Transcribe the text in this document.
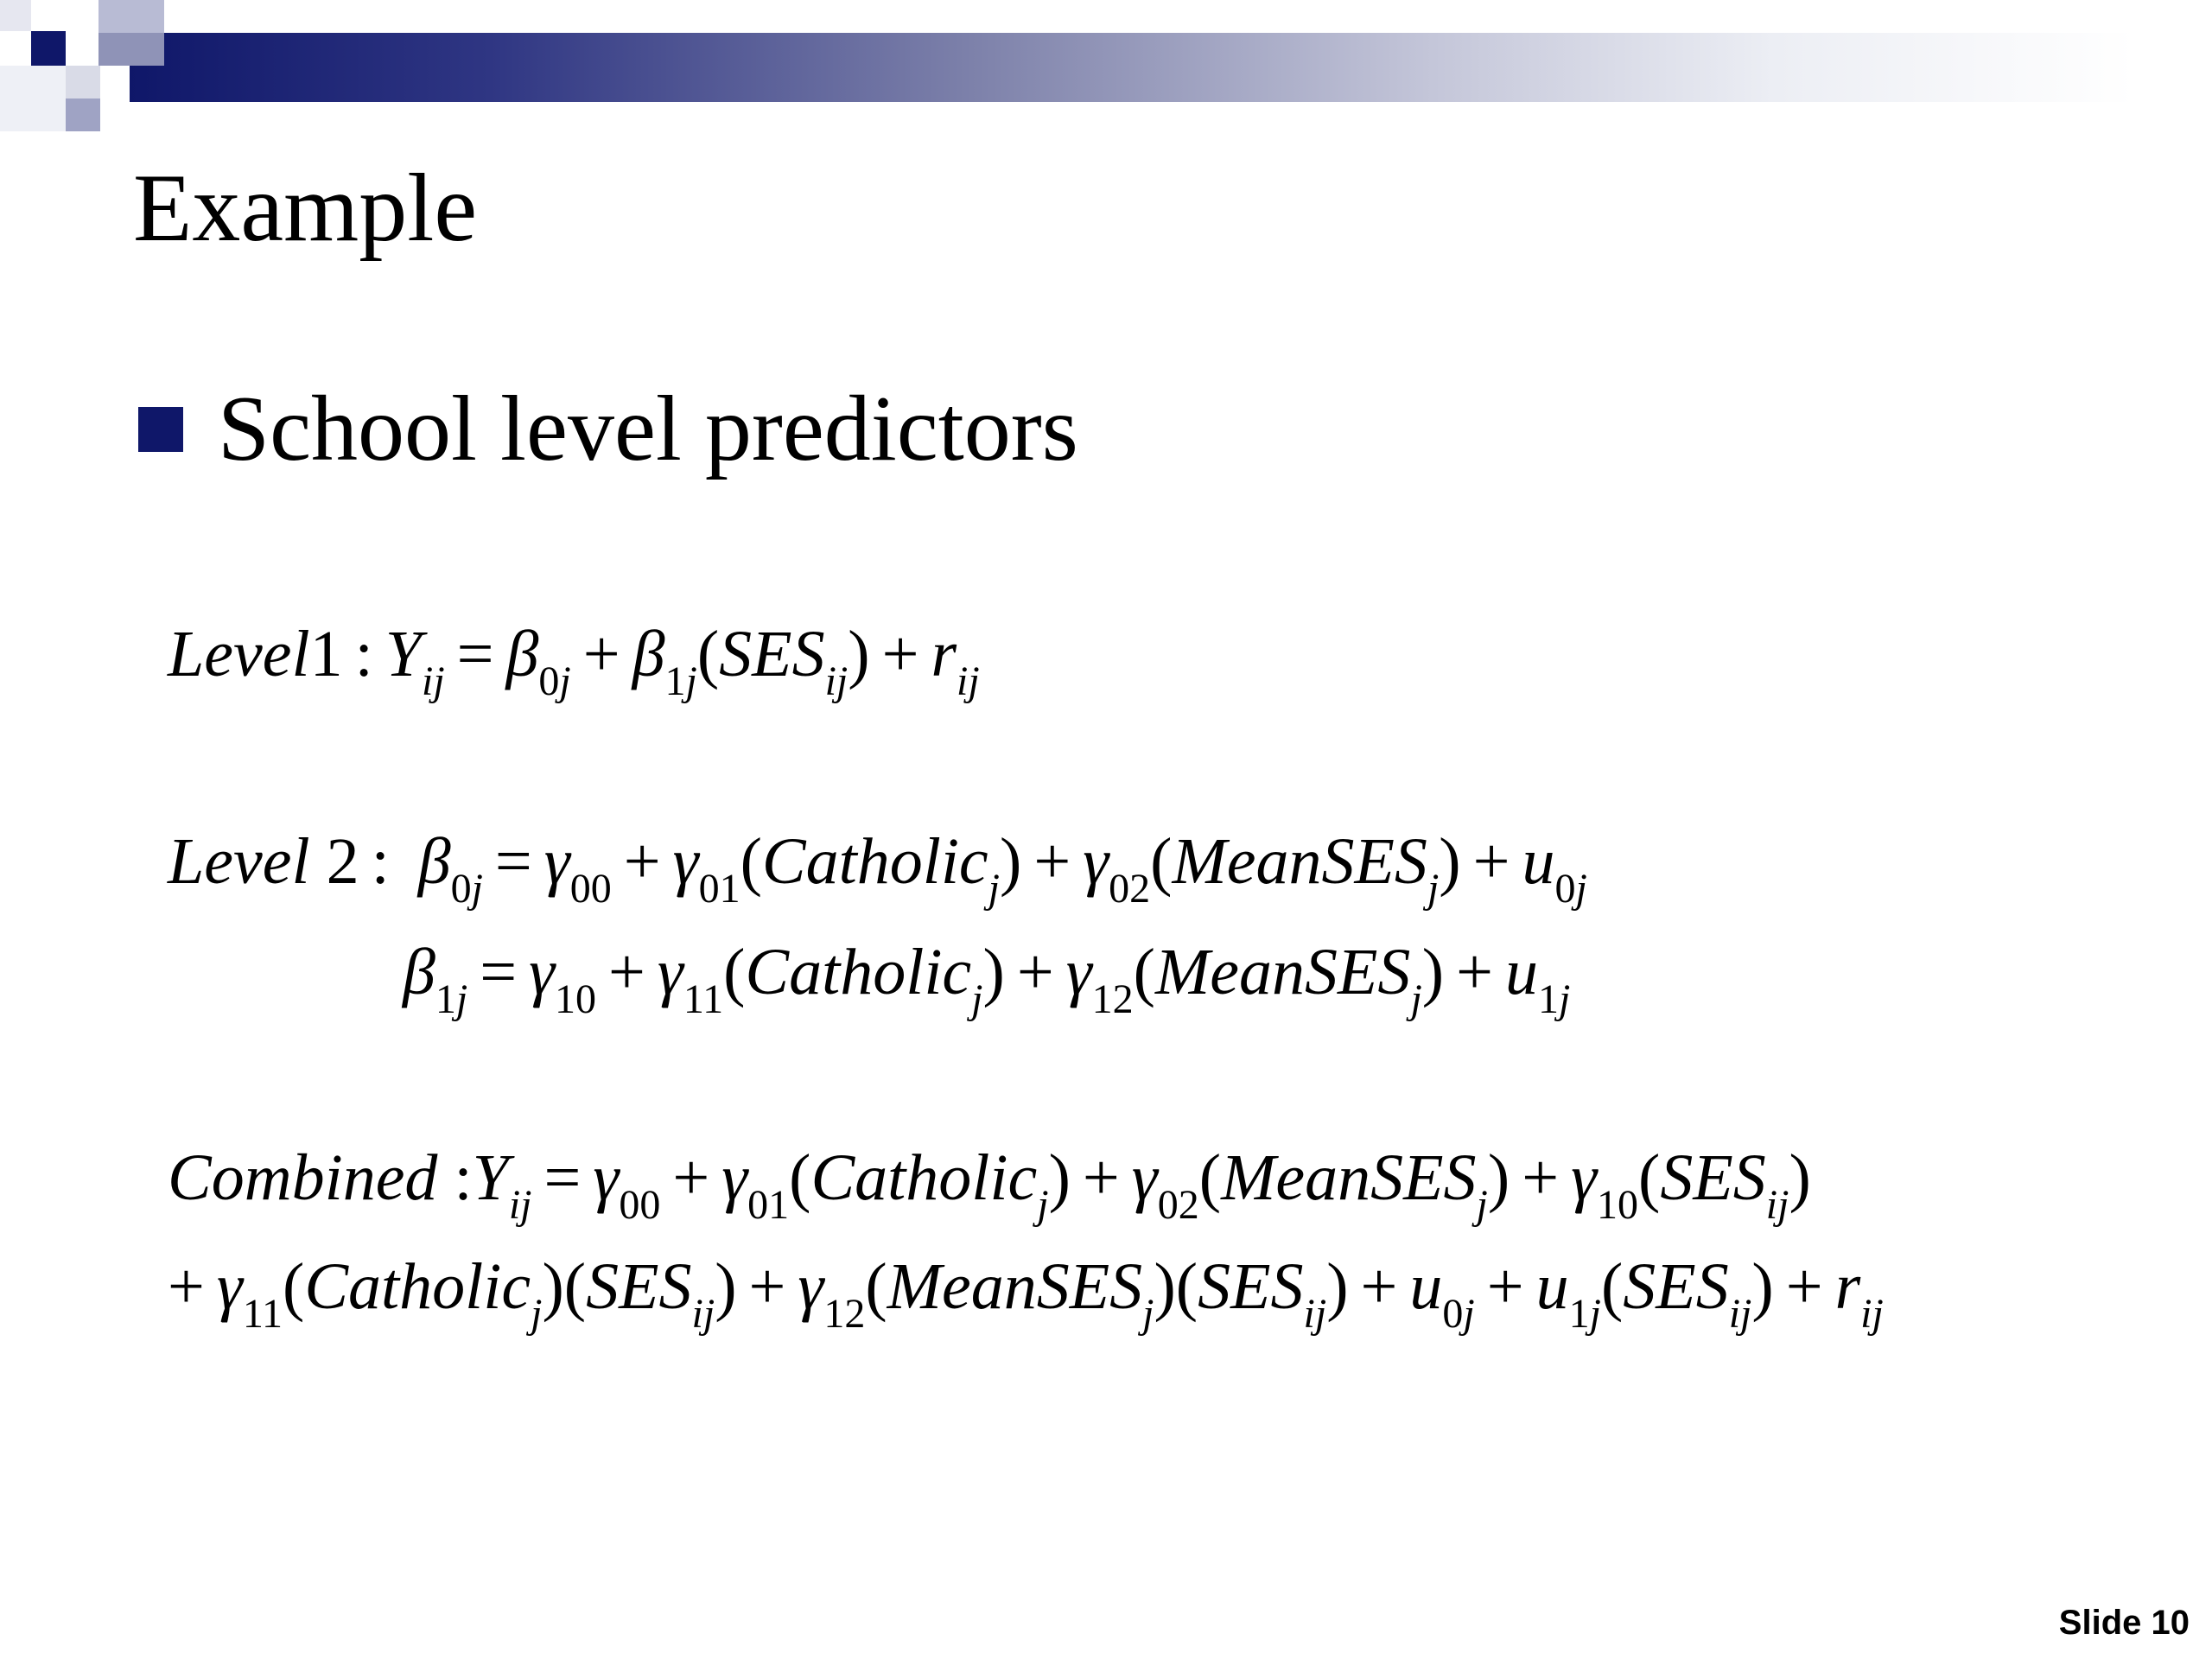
Example
School level predictors
Level1 : $Y_{ij} = \beta_{0j} + \beta_{1j}(SES_{ij}) + r_{ij}$
Level 2 : $\beta_{0j} = \gamma_{00}$ + $\gamma_{01}(Catholic_j)$ + $\gamma_{02}(MeanSES_j) + u_{0j}$
$\beta_{1j} = \gamma_{10}$ + $\gamma_{11}(Catholic_j)$ + $\gamma_{12}(MeanSES_j) + u_{1j}$
Combined $:Y_{ij} = \gamma_{00}$ + $\gamma_{01}(Catholic_j)$ + $\gamma_{02}(MeanSES_j) + \gamma_{10}(SES_{ij})$
+ $\gamma_{11}(Catholic_j)(SES_{ij})$ + $\gamma_{12}(MeanSES_j)(SES_{ij}) + u_{0j} + u_{1j}(SES_{ij}) + r_{ij}$
Slide 10
